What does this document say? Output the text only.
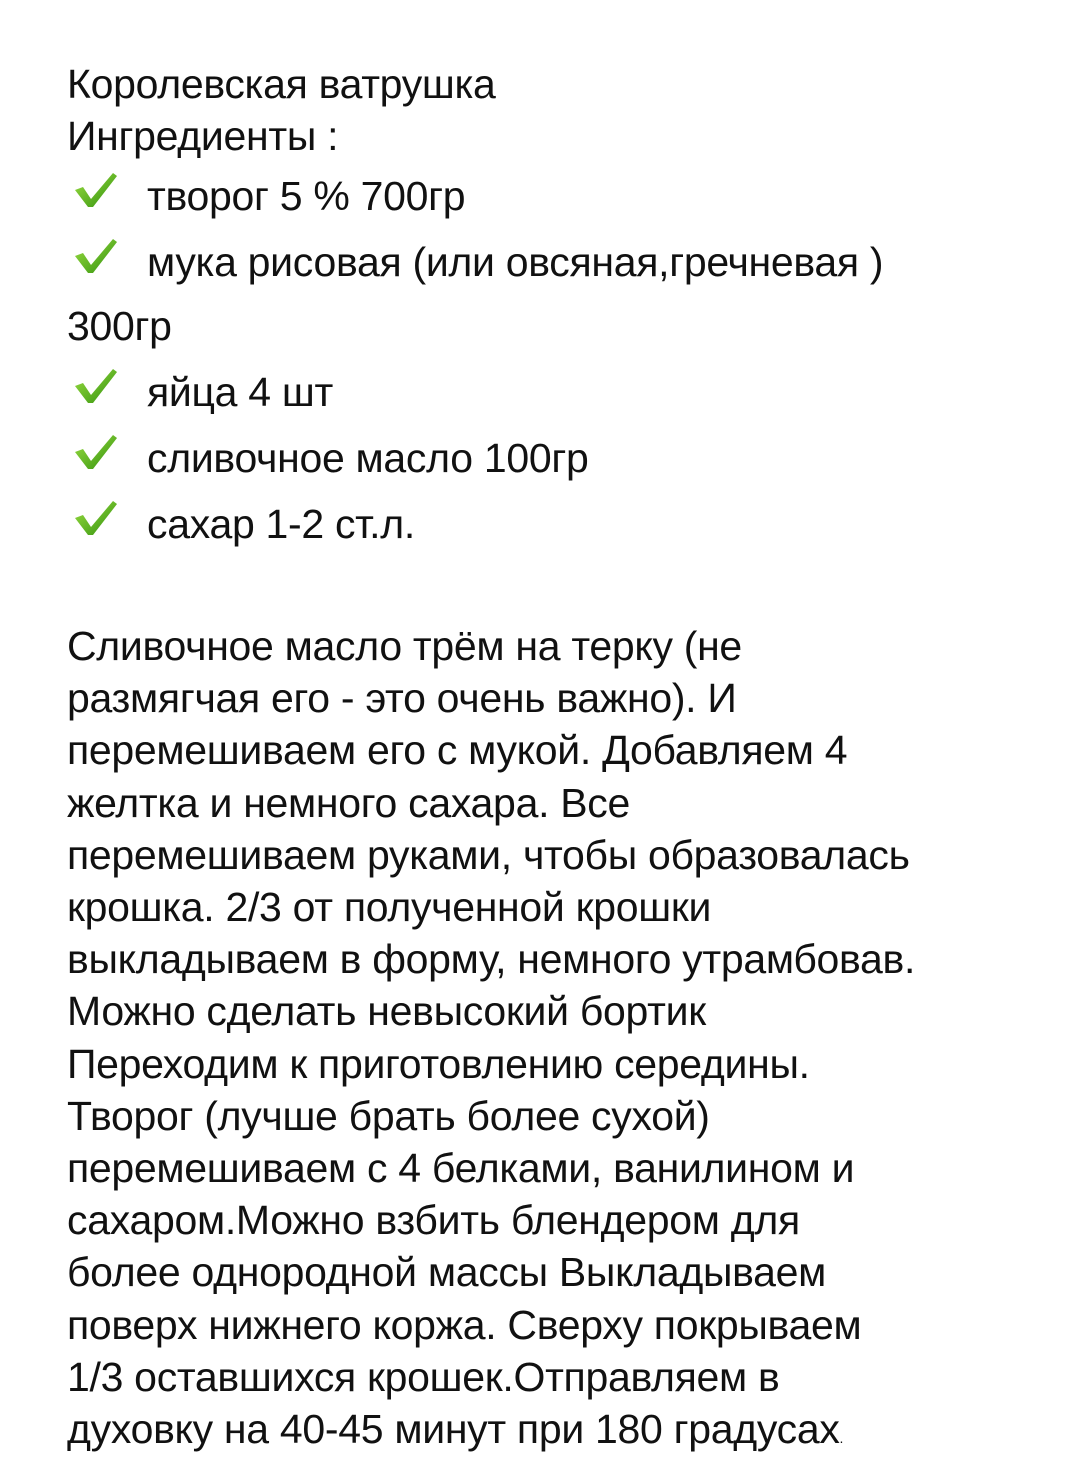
Королевская ватрушка
Ингредиенты :
творог 5 % 700гр
мука рисовая (или овсяная,гречневая )
300гр
яйца 4 шт
сливочное масло 100гр
сахар 1-2 ст.л.
Сливочное масло трём на терку (не
размягчая его - это очень важно). И
перемешиваем его с мукой. Добавляем 4
желтка и немного сахара. Все
перемешиваем руками, чтобы образовалась
крошка. 2/3 от полученной крошки
выкладываем в форму, немного утрамбовав.
Можно сделать невысокий бортик
Переходим к приготовлению середины.
Творог (лучше брать более сухой)
перемешиваем с 4 белками, ванилином и
сахаром.Можно взбить блендером для
более однородной массы Выкладываем
поверх нижнего коржа. Сверху покрываем
1/3 оставшихся крошек.Отправляем в
духовку на 40-45 минут при 180 градусах.
